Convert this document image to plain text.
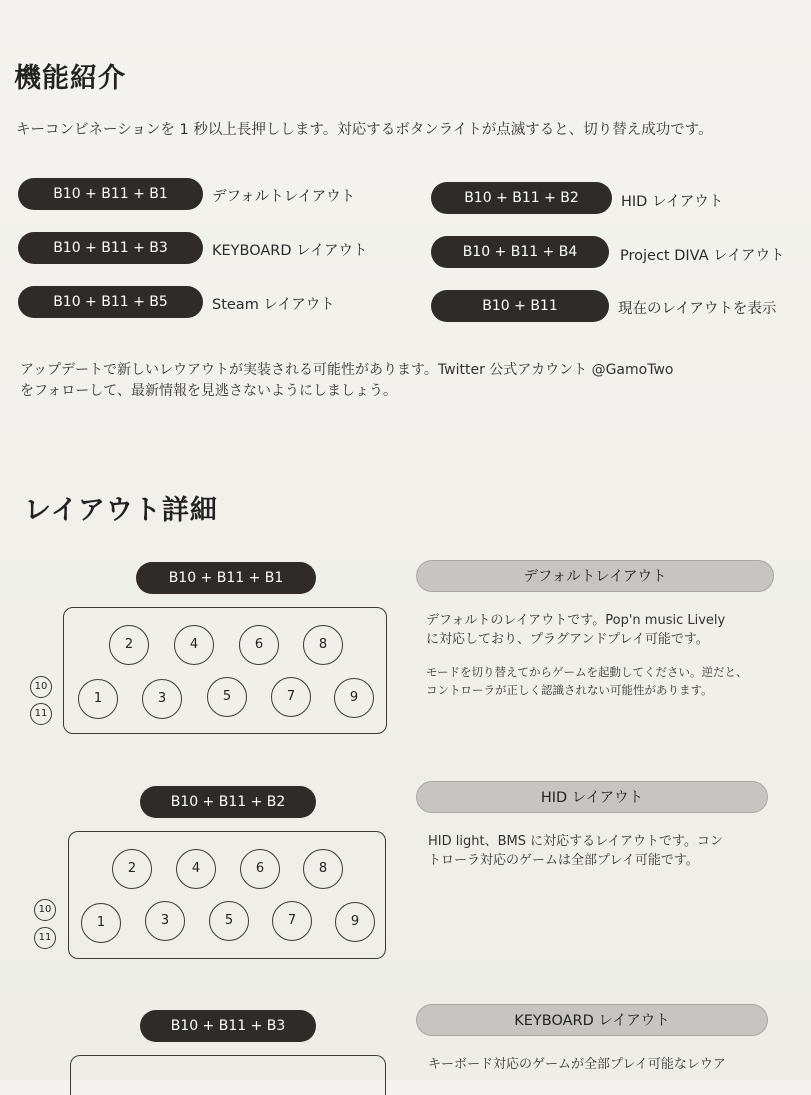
機能紹介
キーコンビネーションを 1 秒以上長押しします。対応するボタンライトが点滅すると、切り替え成功です。
B10 + B11 + B1	デフォルトレイアウト	B10 + B11 + B2	HID レイアウト
B10 + B11 + B3	KEYBOARD レイアウト	B10 + B11 + B4	Project DIVA レイアウト
B10 + B11 + B5	Steam レイアウト	B10 + B11	現在のレイアウトを表示
アップデートで新しいレウアウトが実装される可能性があります。Twitter 公式アカウント @GamoTwo
をフォローして、最新情報を見逃さないようにしましょう。
レイアウト詳細
B10 + B11 + B1	デフォルトレイアウト
2	4	6	8
1	3	5	7	9
10
11
デフォルトのレイアウトです。Pop'n music Lively
に対応しており、プラグアンドプレイ可能です。
モードを切り替えてからゲームを起動してください。逆だと、
コントローラが正しく認識されない可能性があります。
B10 + B11 + B2	HID レイアウト
2	4	6	8
1	3	5	7	9
10
11
HID light、BMS に対応するレイアウトです。コン
トローラ対応のゲームは全部プレイ可能です。
B10 + B11 + B3	KEYBOARD レイアウト
キーボード対応のゲームが全部プレイ可能なレウア
